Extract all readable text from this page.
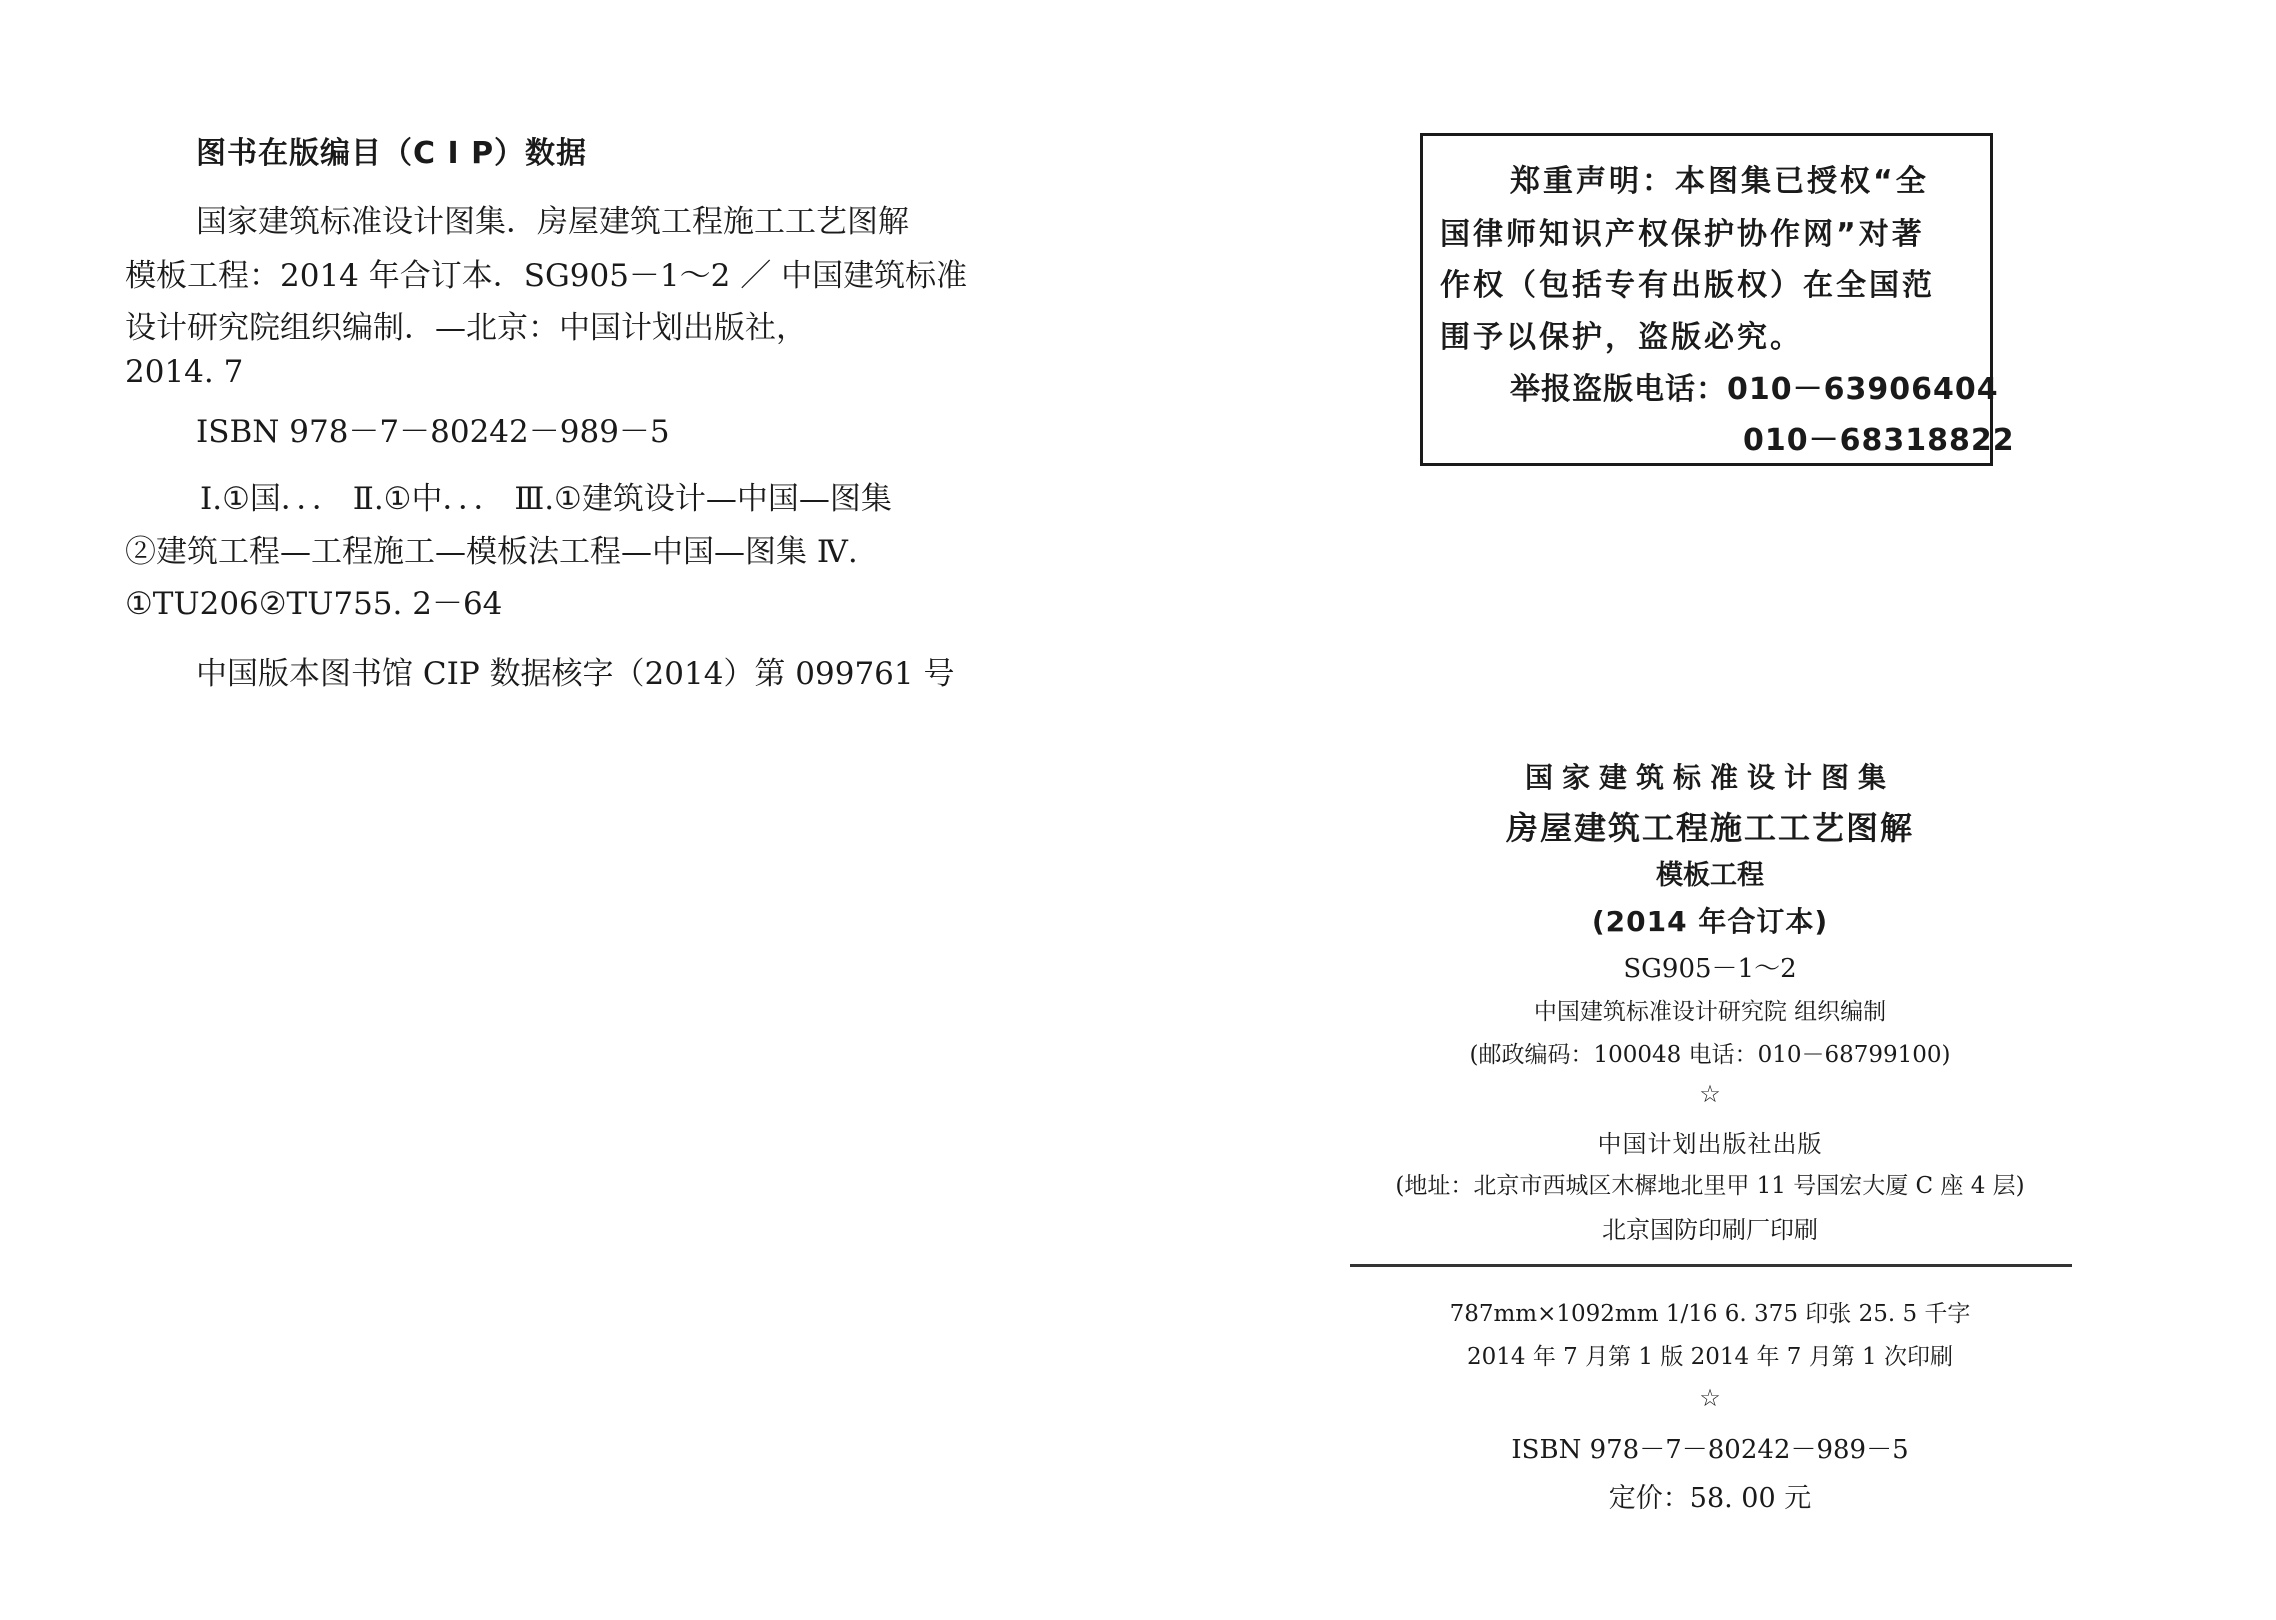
图书在版编目（C I P）数据
国家建筑标准设计图集．房屋建筑工程施工工艺图解
模板工程：2014 年合订本．SG905－1～2 ／ 中国建筑标准
设计研究院组织编制．—北京：中国计划出版社，
2014. 7
ISBN 978－7－80242－989－5
Ⅰ.①国．．． Ⅱ.①中．．． Ⅲ.①建筑设计—中国—图集
②建筑工程—工程施工—模板法工程—中国—图集 Ⅳ.
①TU206②TU755. 2－64
中国版本图书馆 CIP 数据核字（2014）第 099761 号
郑重声明：本图集已授权“全
国律师知识产权保护协作网”对著
作权（包括专有出版权）在全国范
围予以保护，盗版必究。
举报盗版电话：010－63906404
010－68318822
国家建筑标准设计图集
房屋建筑工程施工工艺图解
模板工程
(2014 年合订本)
SG905－1～2
中国建筑标准设计研究院 组织编制
(邮政编码：100048 电话：010－68799100)
☆
中国计划出版社出版
(地址：北京市西城区木樨地北里甲 11 号国宏大厦 C 座 4 层)
北京国防印刷厂印刷
787mm×1092mm 1/16 6. 375 印张 25. 5 千字
2014 年 7 月第 1 版 2014 年 7 月第 1 次印刷
☆
ISBN 978－7－80242－989－5
定价：58. 00 元
